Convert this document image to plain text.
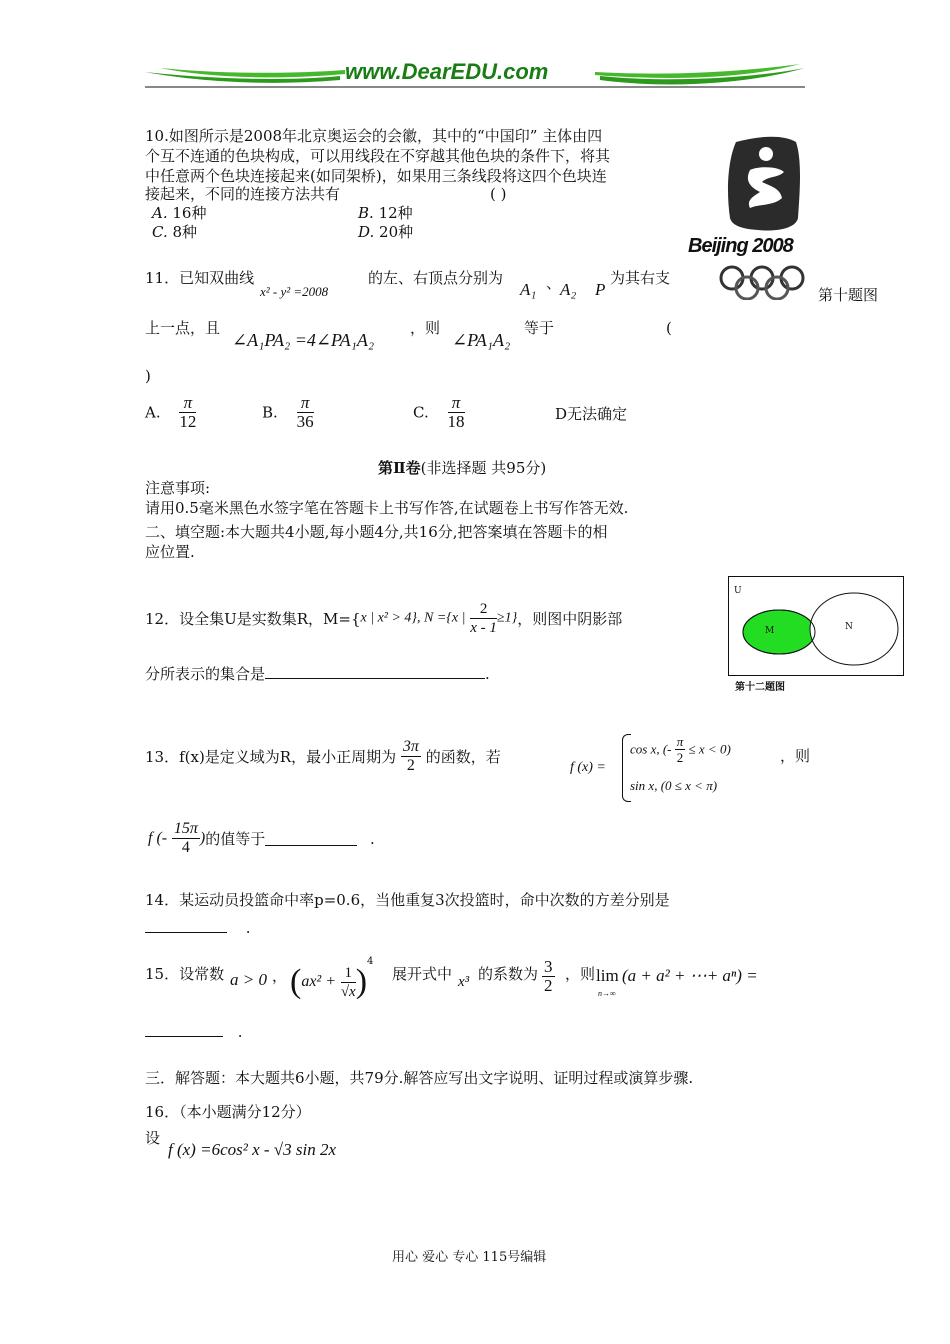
www.DearEDU.com
10.如图所示是2008年北京奥运会的会徽，其中的“中国印” 主体由四
个互不连通的色块构成，可以用线段在不穿越其他色块的条件下，将其
中任意两个色块连接起来(如同架桥)，如果用三条线段将这四个色块连
接起来，不同的连接方法共有	( )
A. 16种	B. 12种
C. 8种	D. 20种
Beijing 2008
第十题图
11．已知双曲线
x² - y² =2008
的左、右顶点分别为
A₁ 、
A₂ P
为其右支
上一点，且
∠A₁PA₂ =4∠PA₁A₂
，则
∠PA₁A₂
等于	(
)
A. $\frac{\pi}{12}$	B. $\frac{\pi}{36}$	C. $\frac{\pi}{18}$	D无法确定
第Ⅱ卷(非选择题 共95分)
注意事项:
请用0.5毫米黑色水签字笔在答题卡上书写作答,在试题卷上书写作答无效.
二、填空题:本大题共4小题,每小题4分,共16分,把答案填在答题卡的相
应位置.
12．设全集U是实数集R，M={x | x² > 4}, N ={x | $\frac{2}{x - 1} \ge 1$}，则图中阴影部
分所表示的集合是	.
U
M	N
第十二题图
13．f(x)是定义域为R，最小正周期为 $\frac{3\pi}{2}$ 的函数，若
f (x) =
cos x, (- $\frac{\pi}{2} \le x < 0$)
sin x, (0 ≤ x < π)
，则
f (- $\frac{15\pi}{4}$ )的值等于	.
14．某运动员投篮命中率p=0.6，当他重复3次投篮时，命中次数的方差分别是
.
15．设常数 a > 0 ， $(ax^2 + \frac{1}{√x} )^4$
展开式中 x³ 的系数为 $\frac{3}{2}$ ，则 lim
n→∞
(a + a² + ⋯+ aⁿ) =
.
三．解答题：本大题共6小题，共79分.解答应写出文字说明、证明过程或演算步骤.
16．（本小题满分12分）
设
f (x) =6cos² x - √3 sin 2x
用心 爱心 专心 115号编辑
